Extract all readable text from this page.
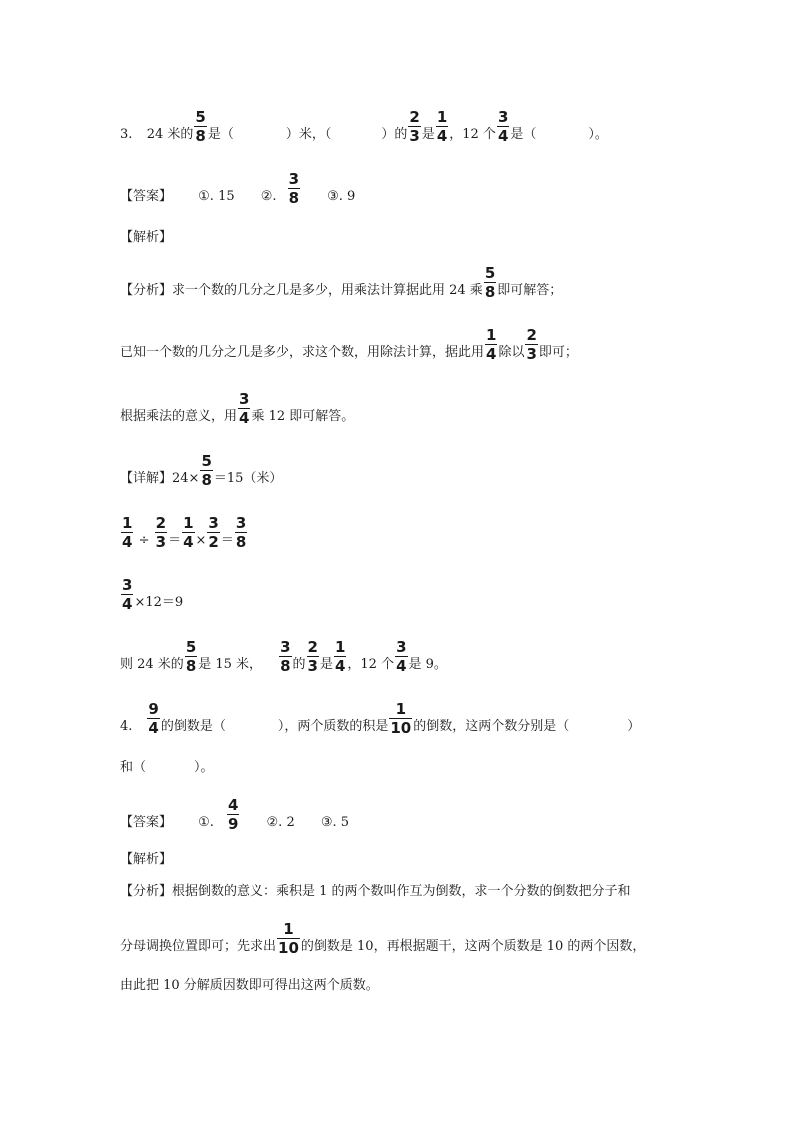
3. 24 米的 $\frac{5}{8}$ 是（	）米，（	）的 $\frac{2}{3}$ 是 $\frac{1}{4}$ ，12 个 $\frac{3}{4}$ 是（	）。
【答案】 ①. 15 ②. $\frac{3}{8}$ ③. 9
【解析】
【分析】求一个数的几分之几是多少，用乘法计算据此用 24 乘 $\frac{5}{8}$ 即可解答；
已知一个数的几分之几是多少，求这个数，用除法计算，据此用 $\frac{1}{4}$ 除以 $\frac{2}{3}$ 即可；
根据乘法的意义，用 $\frac{3}{4}$ 乘 12 即可解答。
【详解】$24\times \frac{5}{8} =15$（米）
$\frac{1}{4} \div \frac{2}{3} = \frac{1}{4} \times \frac{3}{2} = \frac{3}{8}$
$\frac{3}{4} \times 12=9$
则 24 米的 $\frac{5}{8}$ 是 15 米， $\frac{3}{8}$ 的 $\frac{2}{3}$ 是 $\frac{1}{4}$ ，12 个 $\frac{3}{4}$ 是 9。
4. $\frac{9}{4}$ 的倒数是（	），两个质数的积是 $\frac{1}{10}$ 的倒数，这两个数分别是（	）
和（	）。
【答案】 ①. $\frac{4}{9}$ ②. 2 ③. 5
【解析】
【分析】根据倒数的意义：乘积是 1 的两个数叫作互为倒数，求一个分数的倒数把分子和
分母调换位置即可；先求出 $\frac{1}{10}$ 的倒数是 10，再根据题干，这两个质数是 10 的两个因数，
由此把 10 分解质因数即可得出这两个质数。
